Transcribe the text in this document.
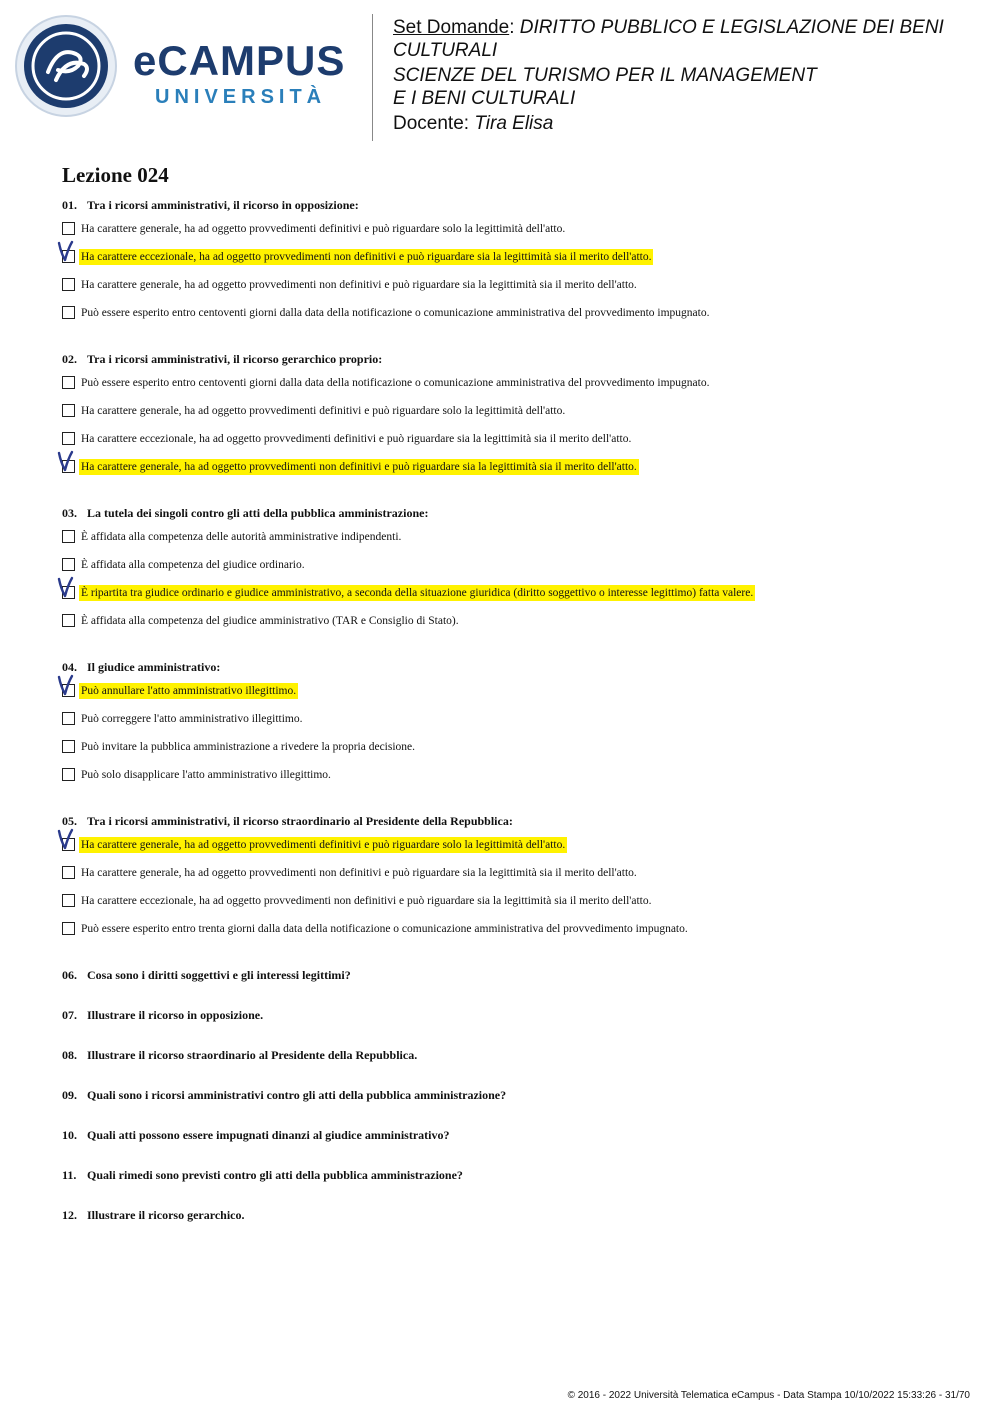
eCAMPUS
UNIVERSITÀ

Set Domande: DIRITTO PUBBLICO E LEGISLAZIONE DEI BENI

CULTURALI

SCIENZE DEL TURISMO PER IL MANAGEMENT

E I BENI CULTURALI

Docente: Tira Elisa

Lezione 024
01. Tra i ricorsi amministrativi, il ricorso in opposizione:
Ha carattere generale, ha ad oggetto provvedimenti definitivi e può riguardare solo la legittimità dell'atto.
Ha carattere eccezionale, ha ad oggetto provvedimenti non definitivi e può riguardare sia la legittimità sia il merito dell'atto.
Ha carattere generale, ha ad oggetto provvedimenti non definitivi e può riguardare sia la legittimità sia il merito dell'atto.
Può essere esperito entro centoventi giorni dalla data della notificazione o comunicazione amministrativa del provvedimento impugnato.
02. Tra i ricorsi amministrativi, il ricorso gerarchico proprio:
Può essere esperito entro centoventi giorni dalla data della notificazione o comunicazione amministrativa del provvedimento impugnato.
Ha carattere generale, ha ad oggetto provvedimenti definitivi e può riguardare solo la legittimità dell'atto.
Ha carattere eccezionale, ha ad oggetto provvedimenti definitivi e può riguardare sia la legittimità sia il merito dell'atto.
Ha carattere generale, ha ad oggetto provvedimenti non definitivi e può riguardare sia la legittimità sia il merito dell'atto.
03. La tutela dei singoli contro gli atti della pubblica amministrazione:
È affidata alla competenza delle autorità amministrative indipendenti.
È affidata alla competenza del giudice ordinario.
È ripartita tra giudice ordinario e giudice amministrativo, a seconda della situazione giuridica (diritto soggettivo o interesse legittimo) fatta valere.
È affidata alla competenza del giudice amministrativo (TAR e Consiglio di Stato).
04. Il giudice amministrativo:
Può annullare l'atto amministrativo illegittimo.
Può correggere l'atto amministrativo illegittimo.
Può invitare la pubblica amministrazione a rivedere la propria decisione.
Può solo disapplicare l'atto amministrativo illegittimo.
05. Tra i ricorsi amministrativi, il ricorso straordinario al Presidente della Repubblica:
Ha carattere generale, ha ad oggetto provvedimenti definitivi e può riguardare solo la legittimità dell'atto.
Ha carattere generale, ha ad oggetto provvedimenti non definitivi e può riguardare sia la legittimità sia il merito dell'atto.
Ha carattere eccezionale, ha ad oggetto provvedimenti non definitivi e può riguardare sia la legittimità sia il merito dell'atto.
Può essere esperito entro trenta giorni dalla data della notificazione o comunicazione amministrativa del provvedimento impugnato.
06. Cosa sono i diritti soggettivi e gli interessi legittimi?
07. Illustrare il ricorso in opposizione.
08. Illustrare il ricorso straordinario al Presidente della Repubblica.
09. Quali sono i ricorsi amministrativi contro gli atti della pubblica amministrazione?
10. Quali atti possono essere impugnati dinanzi al giudice amministrativo?
11. Quali rimedi sono previsti contro gli atti della pubblica amministrazione?
12. Illustrare il ricorso gerarchico.
© 2016 - 2022 Università Telematica eCampus - Data Stampa 10/10/2022 15:33:26 - 31/70
